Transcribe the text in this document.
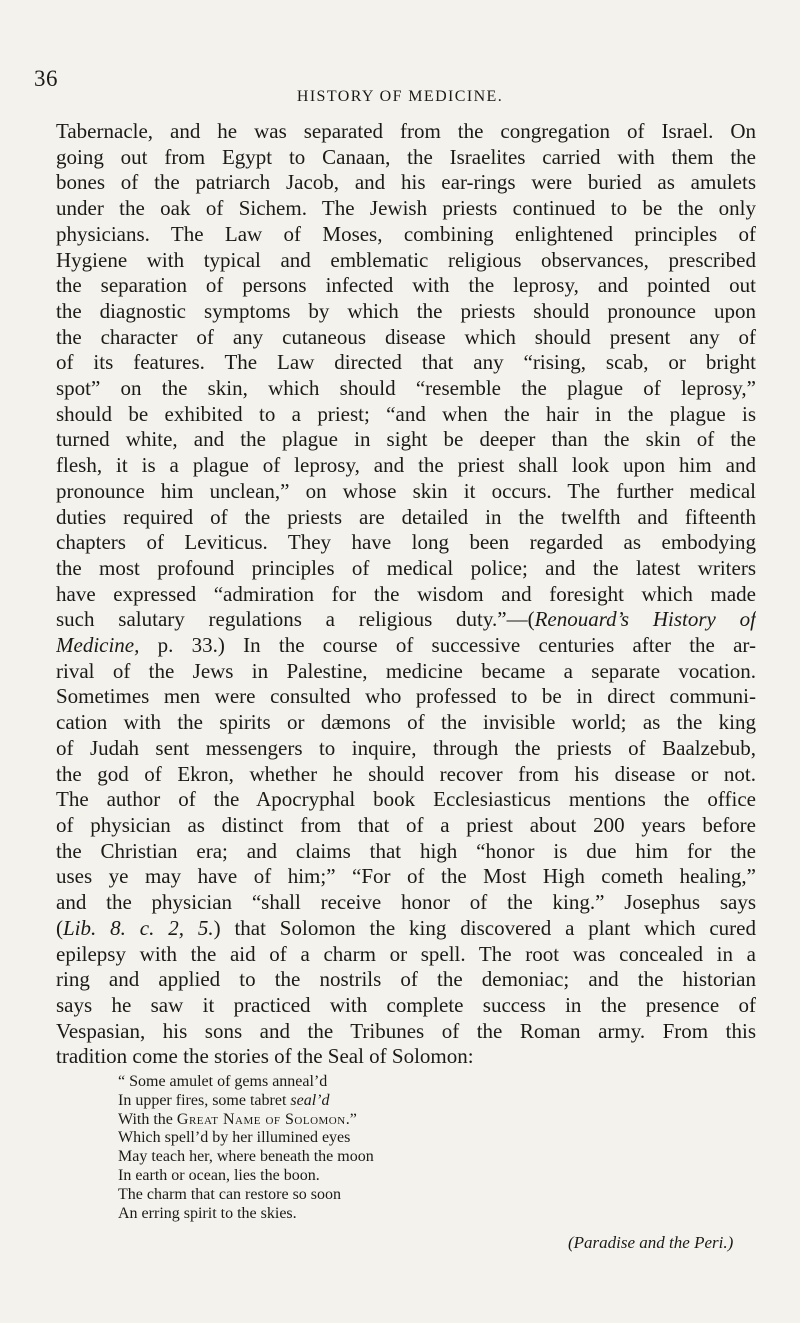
36
HISTORY OF MEDICINE.

Tabernacle, and he was separated from the congregation of Israel. On
going out from Egypt to Canaan, the Israelites carried with them the
bones of the patriarch Jacob, and his ear-rings were buried as amulets
under the oak of Sichem. The Jewish priests continued to be the only
physicians. The Law of Moses, combining enlightened principles of
Hygiene with typical and emblematic religious observances, prescribed
the separation of persons infected with the leprosy, and pointed out
the diagnostic symptoms by which the priests should pronounce upon
the character of any cutaneous disease which should present any of
of its features. The Law directed that any “rising, scab, or bright
spot” on the skin, which should “resemble the plague of leprosy,”
should be exhibited to a priest; “and when the hair in the plague is
turned white, and the plague in sight be deeper than the skin of the
flesh, it is a plague of leprosy, and the priest shall look upon him and
pronounce him unclean,” on whose skin it occurs. The further medical
duties required of the priests are detailed in the twelfth and fifteenth
chapters of Leviticus. They have long been regarded as embodying
the most profound principles of medical police; and the latest writers
have expressed “admiration for the wisdom and foresight which made
such salutary regulations a religious duty.”—(Renouard’s History of
Medicine, p. 33.) In the course of successive centuries after the ar-
rival of the Jews in Palestine, medicine became a separate vocation.
Sometimes men were consulted who professed to be in direct communi-
cation with the spirits or dæmons of the invisible world; as the king
of Judah sent messengers to inquire, through the priests of Baalzebub,
the god of Ekron, whether he should recover from his disease or not.
The author of the Apocryphal book Ecclesiasticus mentions the office
of physician as distinct from that of a priest about 200 years before
the Christian era; and claims that high “honor is due him for the
uses ye may have of him;” “For of the Most High cometh healing,”
and the physician “shall receive honor of the king.” Josephus says
(Lib. 8. c. 2, 5.) that Solomon the king discovered a plant which cured
epilepsy with the aid of a charm or spell. The root was concealed in a
ring and applied to the nostrils of the demoniac; and the historian
says he saw it practiced with complete success in the presence of
Vespasian, his sons and the Tribunes of the Roman army. From this
tradition come the stories of the Seal of Solomon:

“ Some amulet of gems anneal’d
In upper fires, some tabret seal’d
With the Great Name of Solomon.”
Which spell’d by her illumined eyes
May teach her, where beneath the moon
In earth or ocean, lies the boon.
The charm that can restore so soon
An erring spirit to the skies.
(Paradise and the Peri.)
